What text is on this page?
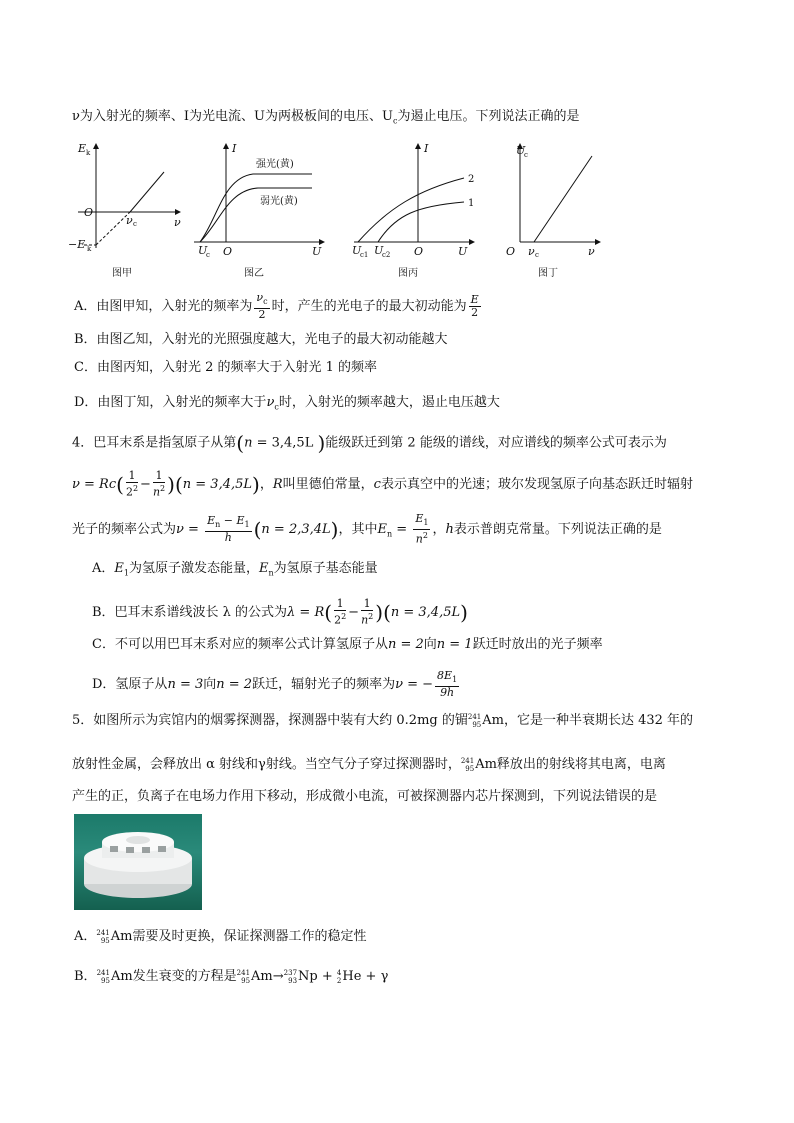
ν为入射光的频率、I为光电流、U为两极板间的电压、$U_c$为遏止电压。下列说法正确的是
E k
O
−E k
ν c	ν
图甲
I
强光(黄)
弱光(黄)
U
c O	U
图乙
I
2
1
U
c1 U
c2 O	U
图丙
U
c
O ν c	ν
图丁
A．由图甲知，入射光的频率为 $\frac{\nu_c}{2}$ 时，产生的光电子的最大初动能为 $\frac{E}{2}$
B．由图乙知，入射光的光照强度越大，光电子的最大初动能越大
C．由图丙知，入射光 2 的频率大于入射光 1 的频率
D．由图丁知，入射光的频率大于$\nu_c$时，入射光的频率越大，遏止电压越大
4．巴耳末系是指氢原子从第(n = 3,4,5L )能级跃迁到第 2 能级的谱线，对应谱线的频率公式可表示为
$\nu = Rc( \frac{1}{2^2} - \frac{1}{n^2} )(n = 3,4,5L)$，R叫里德伯常量，c表示真空中的光速；玻尔发现氢原子向基态跃迁时辐射
光子的频率公式为$\nu = \frac{E_n - E_1}{h} (n = 2,3,4L)$，其中$E_n = \frac{E_1}{n^2}$ ，h表示普朗克常量。下列说法正确的是
A．$E_1$为氢原子激发态能量，$E_n$为氢原子基态能量
B．巴耳末系谱线波长 λ 的公式为$\lambda = R( \frac{1}{2^2} - \frac{1}{n^2} )(n = 3,4,5L)$
C．不可以用巴耳末系对应的频率公式计算氢原子从n = 2向n = 1跃迁时放出的光子频率
D．氢原子从n = 3向n = 2跃迁，辐射光子的频率为ν = − $\frac{8E_1}{9h}$
5．如图所示为宾馆内的烟雾探测器，探测器中装有大约 0.2mg 的镅 241
95 Am，它是一种半衰期长达 432 年的
放射性金属，会释放出 α 射线和γ射线。当空气分子穿过探测器时， 241
95 Am释放出的射线将其电离，电离
产生的正，负离子在电场力作用下移动，形成微小电流，可被探测器内芯片探测到，下列说法错误的是
A． 241
95 Am需要及时更换，保证探测器工作的稳定性
B． 241
95 Am发生衰变的方程是 241
95 Am→ 237
93 Np + 4
2 He + γ
